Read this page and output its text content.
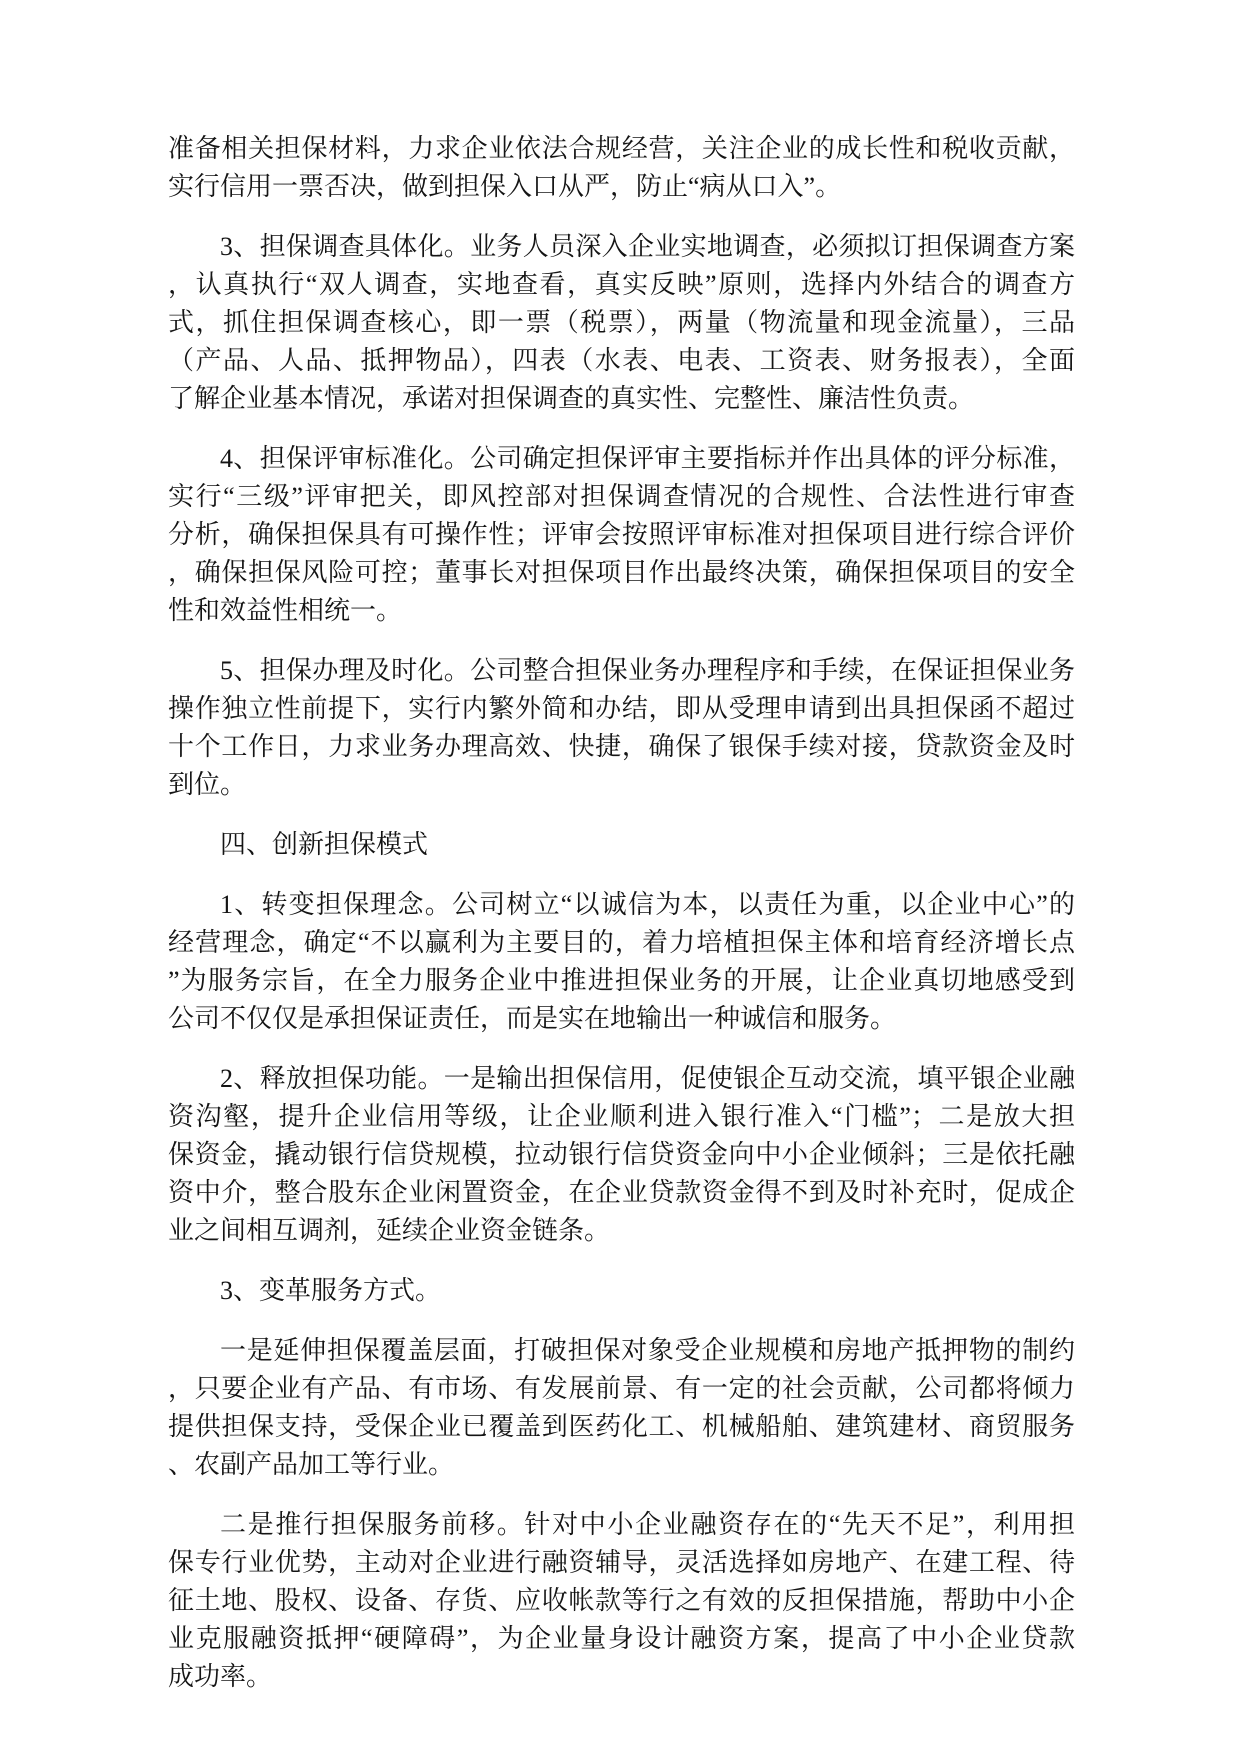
准备相关担保材料，力求企业依法合规经营，关注企业的成长性和税收贡献，
实行信用一票否决，做到担保入口从严，防止“病从口入”。
3、担保调查具体化。业务人员深入企业实地调查，必须拟订担保调查方案
，认真执行“双人调查，实地查看，真实反映”原则，选择内外结合的调查方
式，抓住担保调查核心，即一票（税票），两量（物流量和现金流量），三品
（产品、人品、抵押物品），四表（水表、电表、工资表、财务报表），全面
了解企业基本情况，承诺对担保调查的真实性、完整性、廉洁性负责。
4、担保评审标准化。公司确定担保评审主要指标并作出具体的评分标准，
实行“三级”评审把关，即风控部对担保调查情况的合规性、合法性进行审查
分析，确保担保具有可操作性；评审会按照评审标准对担保项目进行综合评价
，确保担保风险可控；董事长对担保项目作出最终决策，确保担保项目的安全
性和效益性相统一。
5、担保办理及时化。公司整合担保业务办理程序和手续，在保证担保业务
操作独立性前提下，实行内繁外简和办结，即从受理申请到出具担保函不超过
十个工作日，力求业务办理高效、快捷，确保了银保手续对接，贷款资金及时
到位。
四、创新担保模式
1、转变担保理念。公司树立“以诚信为本，以责任为重，以企业中心”的
经营理念，确定“不以赢利为主要目的，着力培植担保主体和培育经济增长点
”为服务宗旨，在全力服务企业中推进担保业务的开展，让企业真切地感受到
公司不仅仅是承担保证责任，而是实在地输出一种诚信和服务。
2、释放担保功能。一是输出担保信用，促使银企互动交流，填平银企业融
资沟壑，提升企业信用等级，让企业顺利进入银行准入“门槛”；二是放大担
保资金，撬动银行信贷规模，拉动银行信贷资金向中小企业倾斜；三是依托融
资中介，整合股东企业闲置资金，在企业贷款资金得不到及时补充时，促成企
业之间相互调剂，延续企业资金链条。
3、变革服务方式。
一是延伸担保覆盖层面，打破担保对象受企业规模和房地产抵押物的制约
，只要企业有产品、有市场、有发展前景、有一定的社会贡献，公司都将倾力
提供担保支持，受保企业已覆盖到医药化工、机械船舶、建筑建材、商贸服务
、农副产品加工等行业。
二是推行担保服务前移。针对中小企业融资存在的“先天不足”，利用担
保专行业优势，主动对企业进行融资辅导，灵活选择如房地产、在建工程、待
征土地、股权、设备、存货、应收帐款等行之有效的反担保措施，帮助中小企
业克服融资抵押“硬障碍”，为企业量身设计融资方案，提高了中小企业贷款
成功率。
